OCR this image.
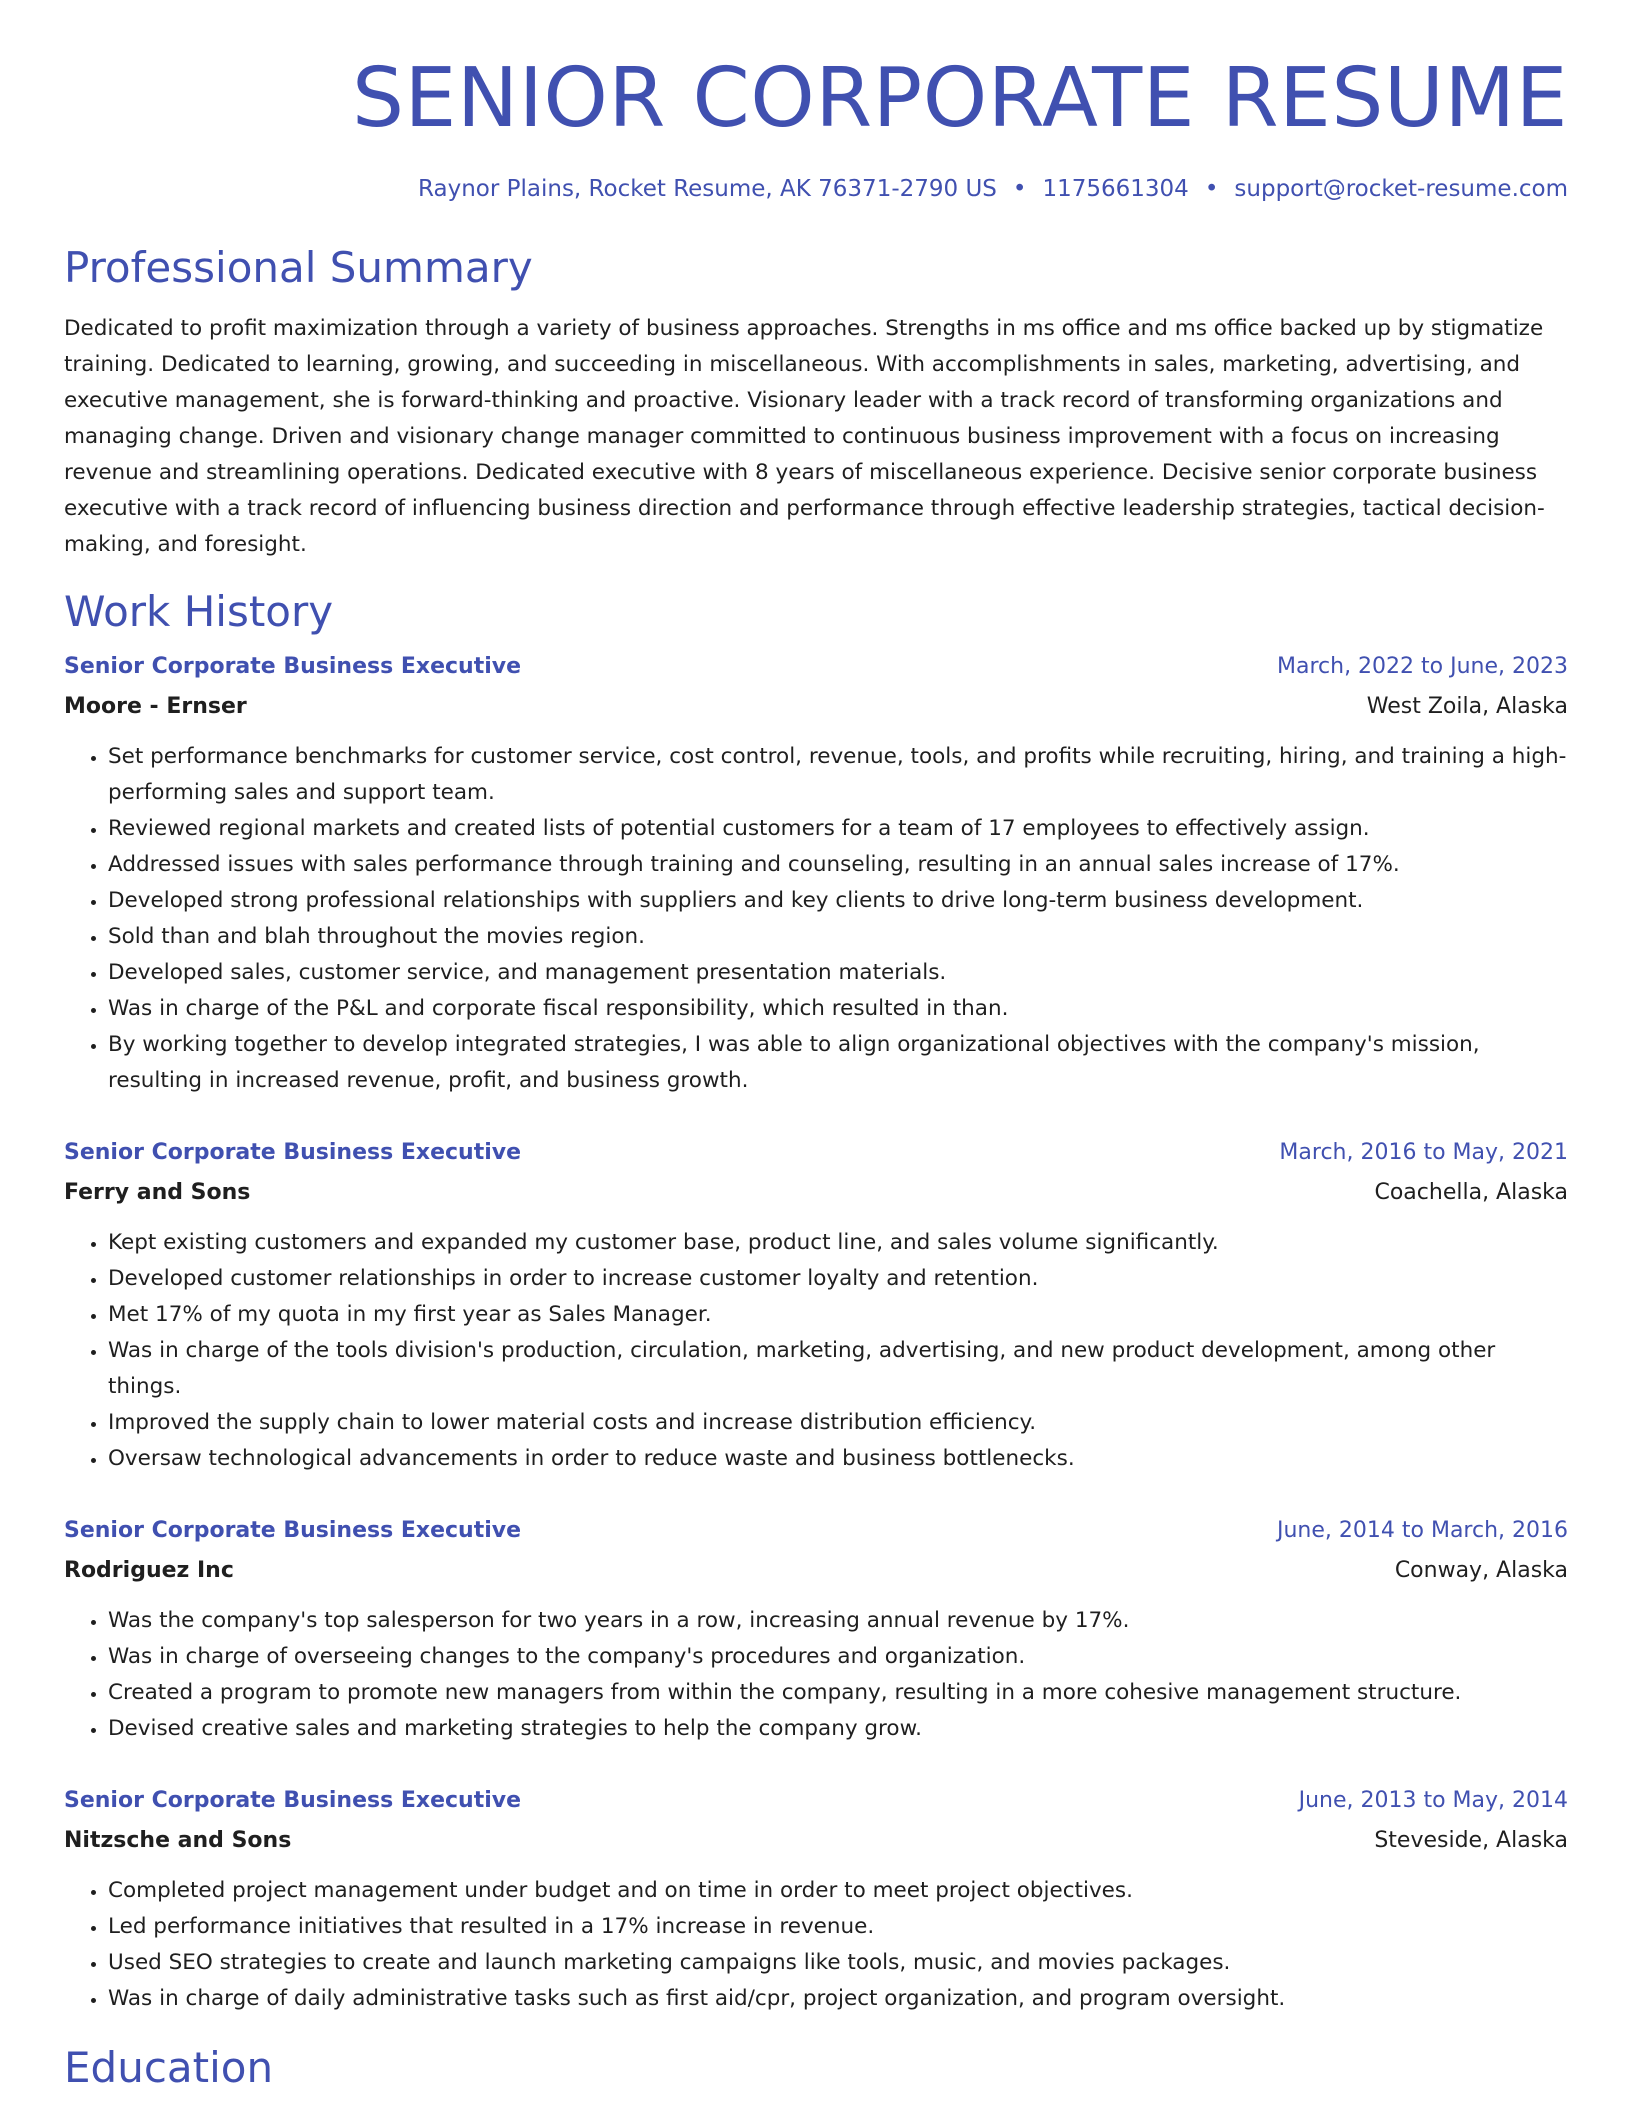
SENIOR CORPORATE RESUME
Raynor Plains, Rocket Resume, AK 76371-2790 US • 1175661304 • support@rocket-resume.com
Professional Summary

Dedicated to profit maximization through a variety of business approaches. Strengths in ms office and ms office backed up by stigmatize training. Dedicated to learning, growing, and succeeding in miscellaneous. With accomplishments in sales, marketing, advertising, and executive management, she is forward-thinking and proactive. Visionary leader with a track record of transforming organizations and managing change. Driven and visionary change manager committed to continuous business improvement with a focus on increasing revenue and streamlining operations. Dedicated executive with 8 years of miscellaneous experience. Decisive senior corporate business executive with a track record of influencing business direction and performance through effective leadership strategies, tactical decision-making, and foresight.

Work History
Senior Corporate Business Executive	March, 2022 to June, 2023
Moore - Ernser	West Zoila, Alaska
• Set performance benchmarks for customer service, cost control, revenue, tools, and profits while recruiting, hiring, and training a high-performing sales and support team.
• Reviewed regional markets and created lists of potential customers for a team of 17 employees to effectively assign.
• Addressed issues with sales performance through training and counseling, resulting in an annual sales increase of 17%.
• Developed strong professional relationships with suppliers and key clients to drive long-term business development.
• Sold than and blah throughout the movies region.
• Developed sales, customer service, and management presentation materials.
• Was in charge of the P&L and corporate fiscal responsibility, which resulted in than.
• By working together to develop integrated strategies, I was able to align organizational objectives with the company's mission, resulting in increased revenue, profit, and business growth.
Senior Corporate Business Executive	March, 2016 to May, 2021
Ferry and Sons	Coachella, Alaska
• Kept existing customers and expanded my customer base, product line, and sales volume significantly.
• Developed customer relationships in order to increase customer loyalty and retention.
• Met 17% of my quota in my first year as Sales Manager.
• Was in charge of the tools division's production, circulation, marketing, advertising, and new product development, among other things.
• Improved the supply chain to lower material costs and increase distribution efficiency.
• Oversaw technological advancements in order to reduce waste and business bottlenecks.
Senior Corporate Business Executive	June, 2014 to March, 2016
Rodriguez Inc	Conway, Alaska
• Was the company's top salesperson for two years in a row, increasing annual revenue by 17%.
• Was in charge of overseeing changes to the company's procedures and organization.
• Created a program to promote new managers from within the company, resulting in a more cohesive management structure.
• Devised creative sales and marketing strategies to help the company grow.
Senior Corporate Business Executive	June, 2013 to May, 2014
Nitzsche and Sons	Steveside, Alaska
• Completed project management under budget and on time in order to meet project objectives.
• Led performance initiatives that resulted in a 17% increase in revenue.
• Used SEO strategies to create and launch marketing campaigns like tools, music, and movies packages.
• Was in charge of daily administrative tasks such as first aid/cpr, project organization, and program oversight.
Education
